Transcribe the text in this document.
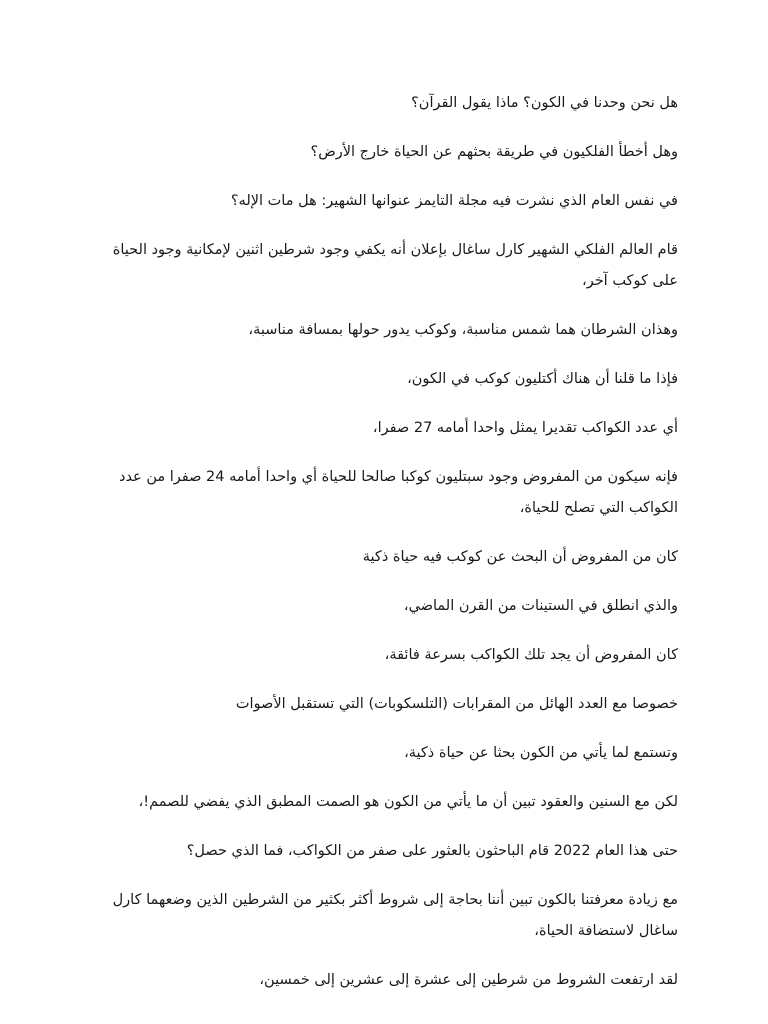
هل نحن وحدنا في الكون؟ ماذا يقول القرآن؟

وهل أخطأ الفلكيون في طريقة بحثهم عن الحياة خارج الأرض؟

في نفس العام الذي نشرت فيه مجلة التايمز عنوانها الشهير: هل مات الإله؟

قام العالم الفلكي الشهير كارل ساغال بإعلان أنه يكفي وجود شرطين اثنين لإمكانية وجود الحياة على كوكب آخر،

وهذان الشرطان هما شمس مناسبة، وكوكب يدور حولها بمسافة مناسبة،

فإذا ما قلنا أن هناك أكتليون كوكب في الكون،

أي عدد الكواكب تقديرا يمثل واحدا أمامه 27 صفرا،

فإنه سيكون من المفروض وجود سبتليون كوكبا صالحا للحياة أي واحدا أمامه 24 صفرا من عدد الكواكب التي تصلح للحياة،

كان من المفروض أن البحث عن كوكب فيه حياة ذكية

والذي انطلق في الستينات من القرن الماضي،

كان المفروض أن يجد تلك الكواكب بسرعة فائقة،

خصوصا مع العدد الهائل من المقرابات (التلسكوبات) التي تستقبل الأصوات

وتستمع لما يأتي من الكون بحثا عن حياة ذكية،

لكن مع السنين والعقود تبين أن ما يأتي من الكون هو الصمت المطبق الذي يفضي للصمم!،

حتى هذا العام 2022 قام الباحثون بالعثور على صفر من الكواكب، فما الذي حصل؟

مع زيادة معرفتنا بالكون تبين أننا بحاجة إلى شروط أكثر بكثير من الشرطين الذين وضعهما كارل ساغال لاستضافة الحياة،

لقد ارتفعت الشروط من شرطين إلى عشرة إلى عشرين إلى خمسين،
